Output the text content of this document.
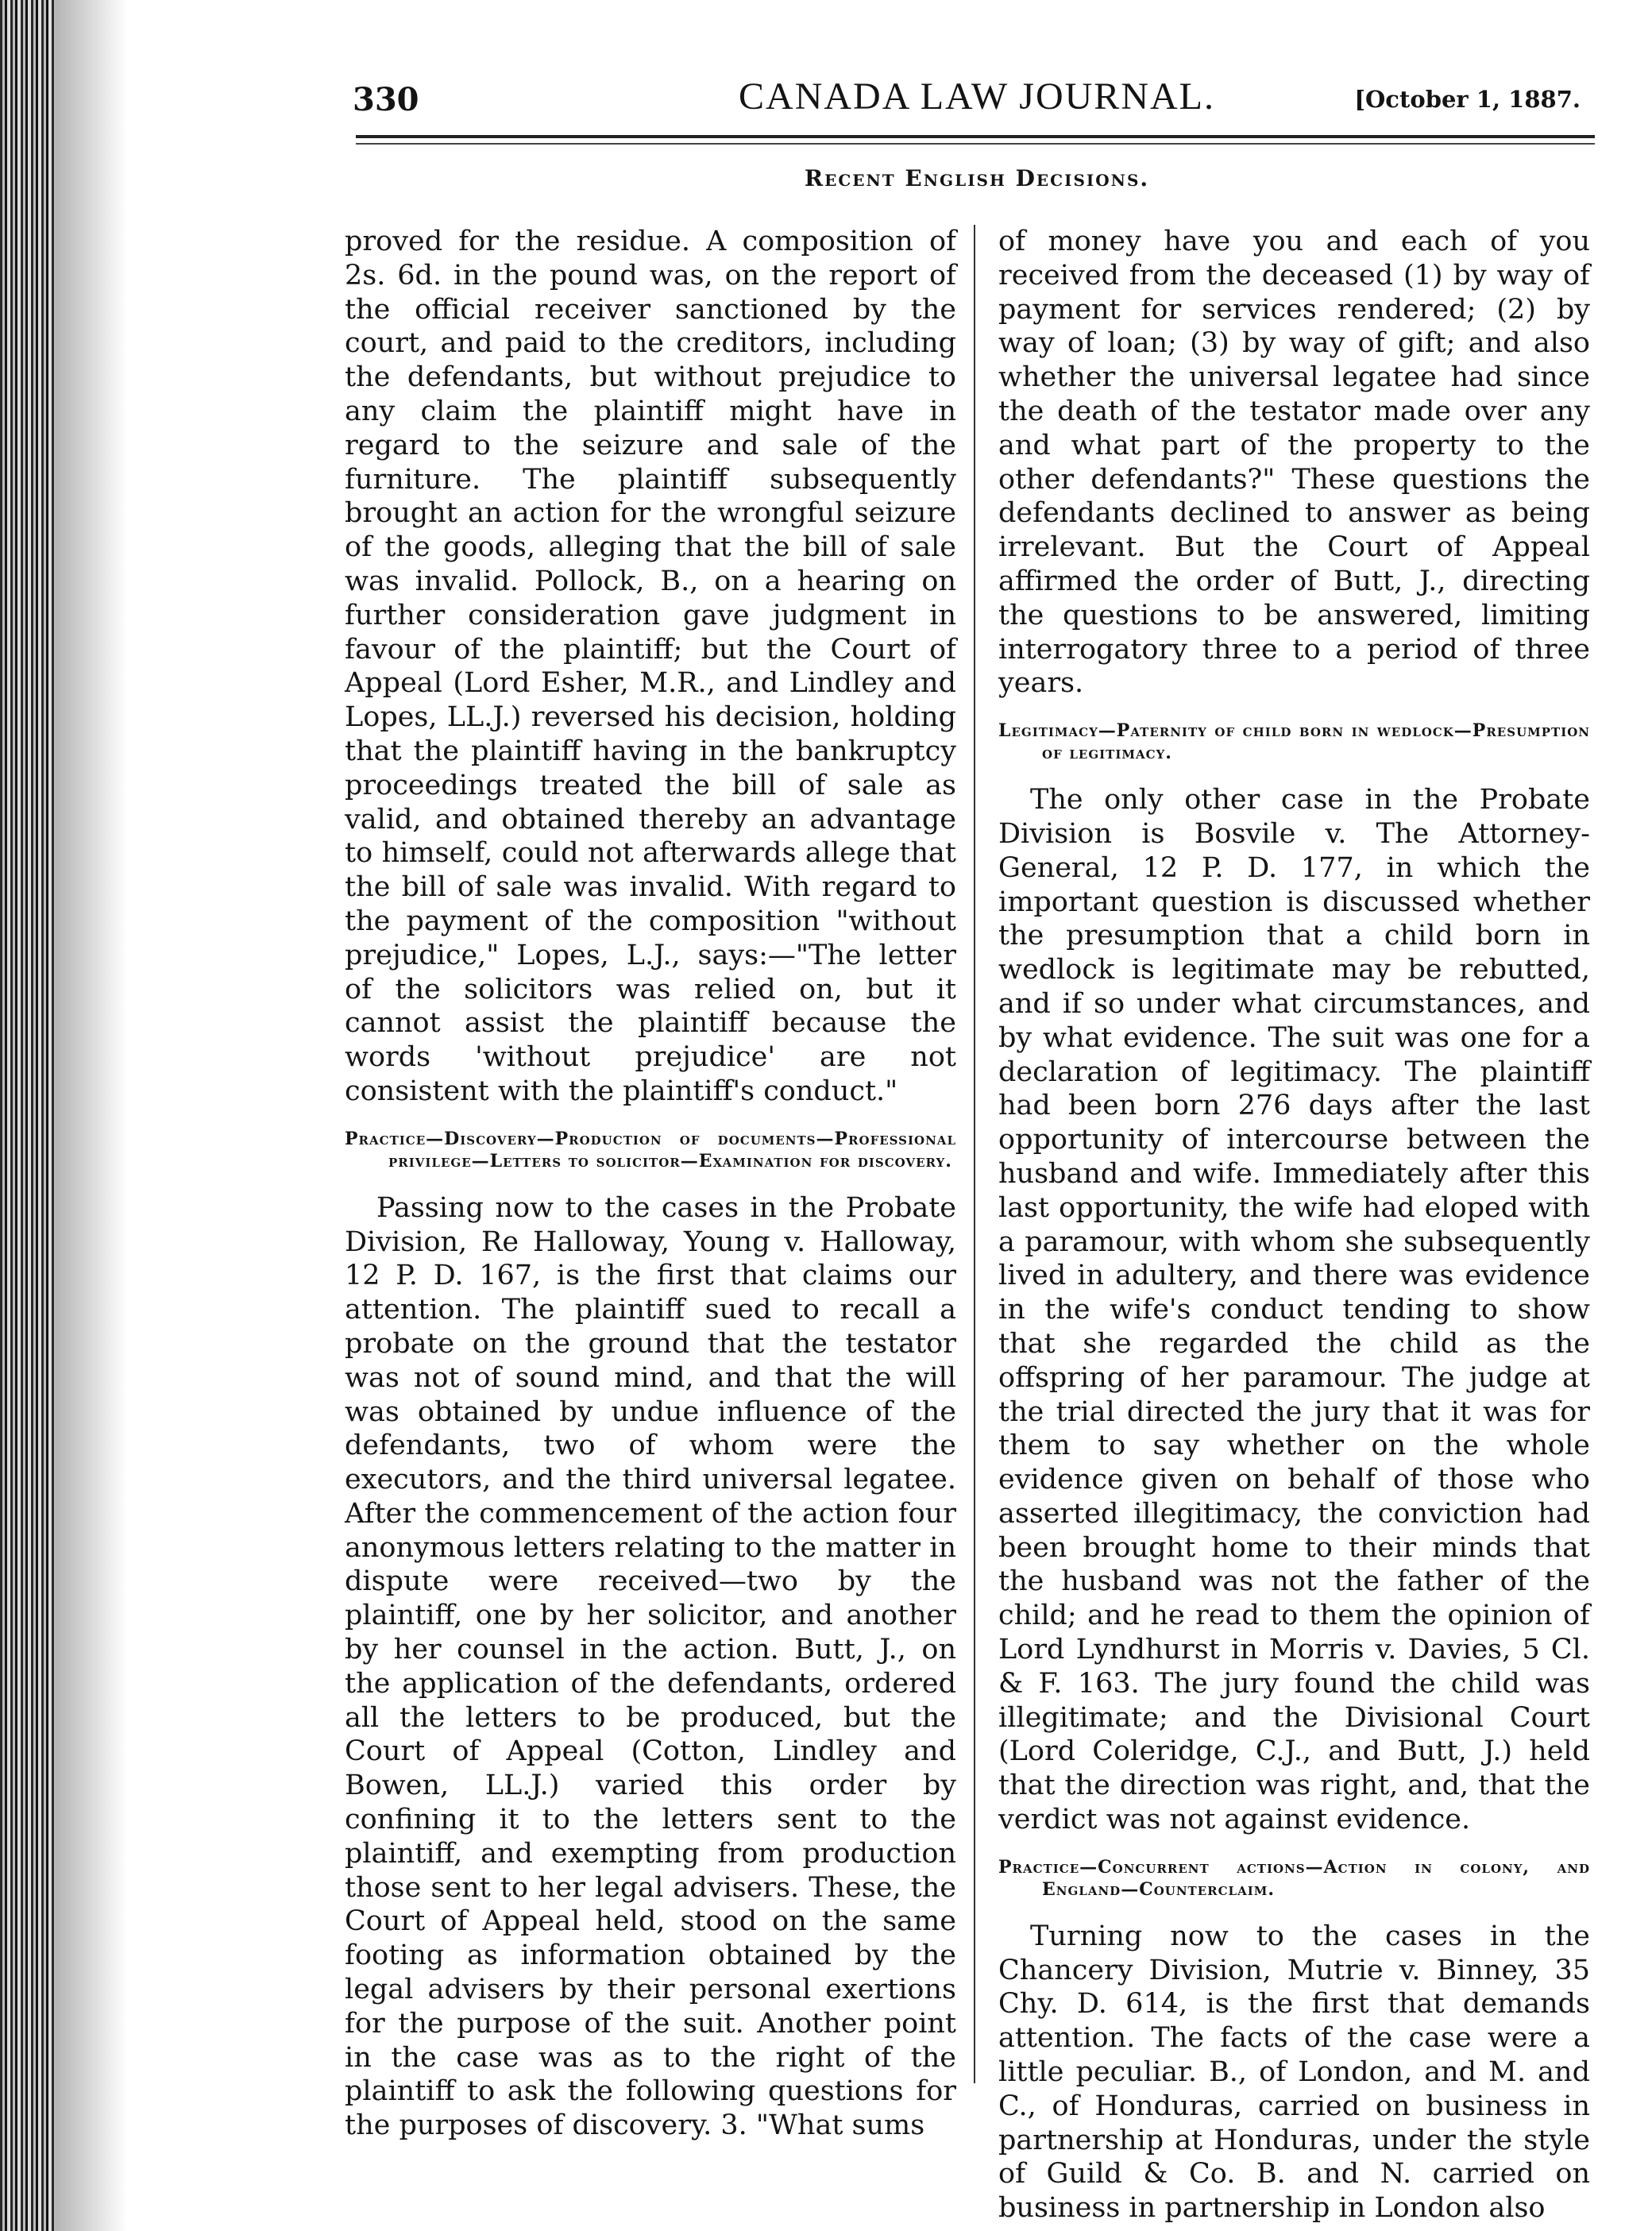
330	CANADA LAW JOURNAL.	[October 1, 1887.
Recent English Decisions.

proved for the residue. A composition of 2s. 6d. in the pound was, on the report of the official receiver sanctioned by the court, and paid to the creditors, including the defendants, but without prejudice to any claim the plaintiff might have in regard to the seizure and sale of the furniture. The plaintiff subsequently brought an action for the wrongful seizure of the goods, alleging that the bill of sale was invalid. Pollock, B., on a hearing on further consideration gave judgment in favour of the plaintiff; but the Court of Appeal (Lord Esher, M.R., and Lindley and Lopes, LL.J.) reversed his decision, holding that the plaintiff having in the bankruptcy proceedings treated the bill of sale as valid, and obtained thereby an advantage to himself, could not afterwards allege that the bill of sale was invalid. With regard to the payment of the composition "without prejudice," Lopes, L.J., says:—"The letter of the solicitors was relied on, but it cannot assist the plaintiff because the words 'without prejudice' are not consistent with the plaintiff's conduct."

Practice—Discovery—Production of documents—Professional privilege—Letters to solicitor—Examination for discovery.

Passing now to the cases in the Probate Division, Re Halloway, Young v. Halloway, 12 P. D. 167, is the first that claims our attention. The plaintiff sued to recall a probate on the ground that the testator was not of sound mind, and that the will was obtained by undue influence of the defendants, two of whom were the executors, and the third universal legatee. After the commencement of the action four anonymous letters relating to the matter in dispute were received—two by the plaintiff, one by her solicitor, and another by her counsel in the action. Butt, J., on the application of the defendants, ordered all the letters to be produced, but the Court of Appeal (Cotton, Lindley and Bowen, LL.J.) varied this order by confining it to the letters sent to the plaintiff, and exempting from production those sent to her legal advisers. These, the Court of Appeal held, stood on the same footing as information obtained by the legal advisers by their personal exertions for the purpose of the suit. Another point in the case was as to the right of the plaintiff to ask the following questions for the purposes of discovery. 3. "What sums

of money have you and each of you received from the deceased (1) by way of payment for services rendered; (2) by way of loan; (3) by way of gift; and also whether the universal legatee had since the death of the testator made over any and what part of the property to the other defendants?" These questions the defendants declined to answer as being irrelevant. But the Court of Appeal affirmed the order of Butt, J., directing the questions to be answered, limiting interrogatory three to a period of three years.

Legitimacy—Paternity of child born in wedlock—Presumption of legitimacy.

The only other case in the Probate Division is Bosvile v. The Attorney-General, 12 P. D. 177, in which the important question is discussed whether the presumption that a child born in wedlock is legitimate may be rebutted, and if so under what circumstances, and by what evidence. The suit was one for a declaration of legitimacy. The plaintiff had been born 276 days after the last opportunity of intercourse between the husband and wife. Immediately after this last opportunity, the wife had eloped with a paramour, with whom she subsequently lived in adultery, and there was evidence in the wife's conduct tending to show that she regarded the child as the offspring of her paramour. The judge at the trial directed the jury that it was for them to say whether on the whole evidence given on behalf of those who asserted illegitimacy, the conviction had been brought home to their minds that the husband was not the father of the child; and he read to them the opinion of Lord Lyndhurst in Morris v. Davies, 5 Cl. & F. 163. The jury found the child was illegitimate; and the Divisional Court (Lord Coleridge, C.J., and Butt, J.) held that the direction was right, and, that the verdict was not against evidence.

Practice—Concurrent actions—Action in colony, and England—Counterclaim.

Turning now to the cases in the Chancery Division, Mutrie v. Binney, 35 Chy. D. 614, is the first that demands attention. The facts of the case were a little peculiar. B., of London, and M. and C., of Honduras, carried on business in partnership at Honduras, under the style of Guild & Co. B. and N. carried on business in partnership in London also
